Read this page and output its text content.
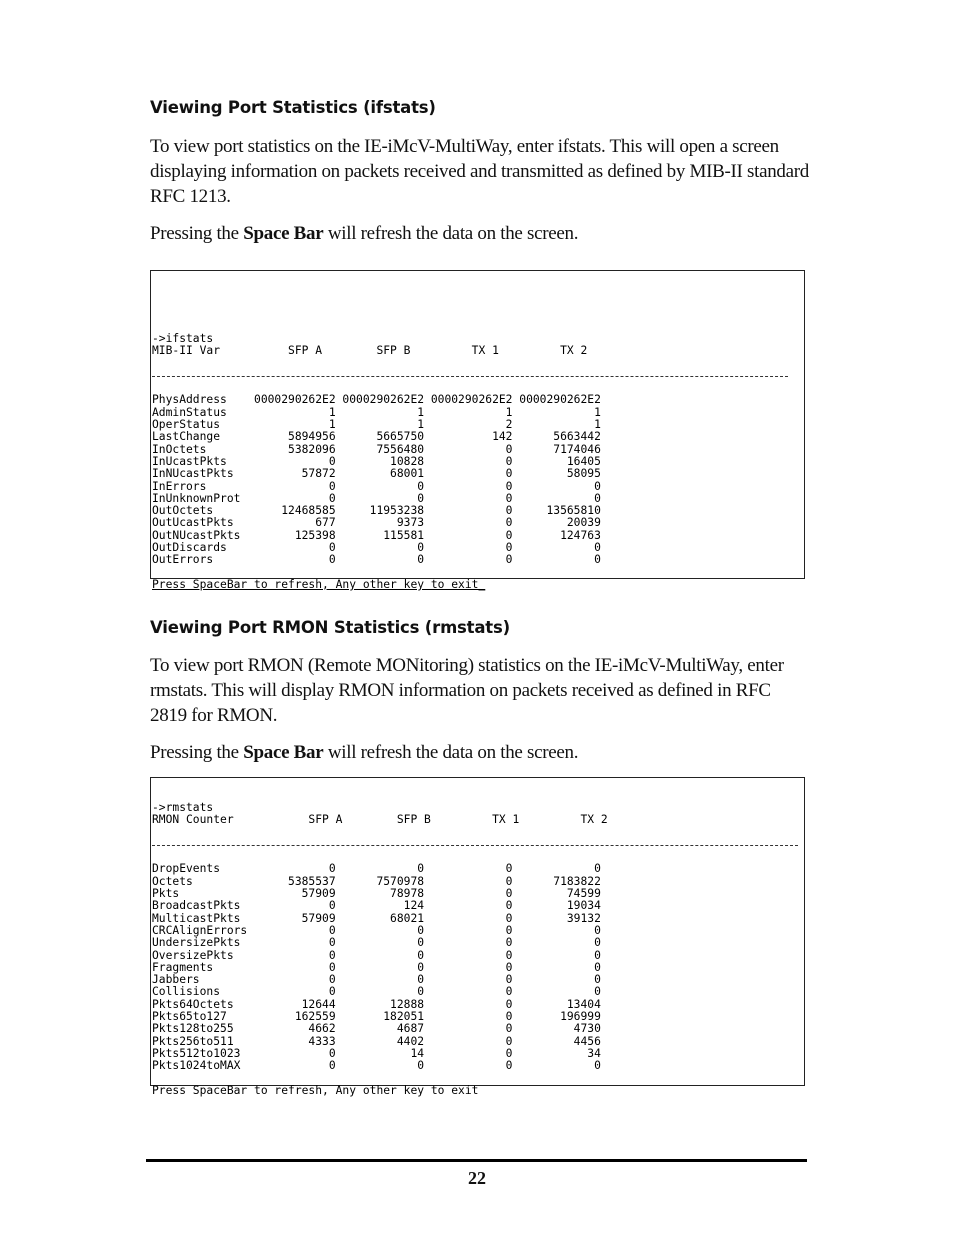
Viewing Port Statistics (ifstats)

To view port statistics on the IE-iMcV-MultiWay, enter ifstats. This will open a screen displaying information on packets received and transmitted as defined by MIB-II standard RFC 1213.

Pressing the Space Bar will refresh the data on the screen.

->ifstats
MIB-II Var          SFP A        SFP B         TX 1         TX 2
PhysAddress    0000290262E2 0000290262E2 0000290262E2 0000290262E2
AdminStatus               1            1            1            1
OperStatus                1            1            2            1
LastChange          5894956      5665750          142      5663442
InOctets            5382096      7556480            0      7174046
InUcastPkts               0        10828            0        16405
InNUcastPkts          57872        68001            0        58095
InErrors                  0            0            0            0
InUnknownProt             0            0            0            0
OutOctets          12468585     11953238            0     13565810
OutUcastPkts            677         9373            0        20039
OutNUcastPkts        125398       115581            0       124763
OutDiscards               0            0            0            0
OutErrors                 0            0            0            0
Press SpaceBar to refresh, Any other key to exit_
Viewing Port RMON Statistics (rmstats)

To view port RMON (Remote MONitoring) statistics on the IE-iMcV-MultiWay, enter rmstats. This will display RMON information on packets received as defined in RFC 2819 for RMON.

Pressing the Space Bar will refresh the data on the screen.

->rmstats
RMON Counter           SFP A        SFP B         TX 1         TX 2
DropEvents                0            0            0            0
Octets              5385537      7570978            0      7183822
Pkts                  57909        78978            0        74599
BroadcastPkts             0          124            0        19034
MulticastPkts         57909        68021            0        39132
CRCAlignErrors            0            0            0            0
UndersizePkts             0            0            0            0
OversizePkts              0            0            0            0
Fragments                 0            0            0            0
Jabbers                   0            0            0            0
Collisions                0            0            0            0
Pkts64Octets          12644        12888            0        13404
Pkts65to127          162559       182051            0       196999
Pkts128to255           4662         4687            0         4730
Pkts256to511           4333         4402            0         4456
Pkts512to1023             0           14            0           34
Pkts1024toMAX             0            0            0            0
Press SpaceBar to refresh, Any other key to exit
22
